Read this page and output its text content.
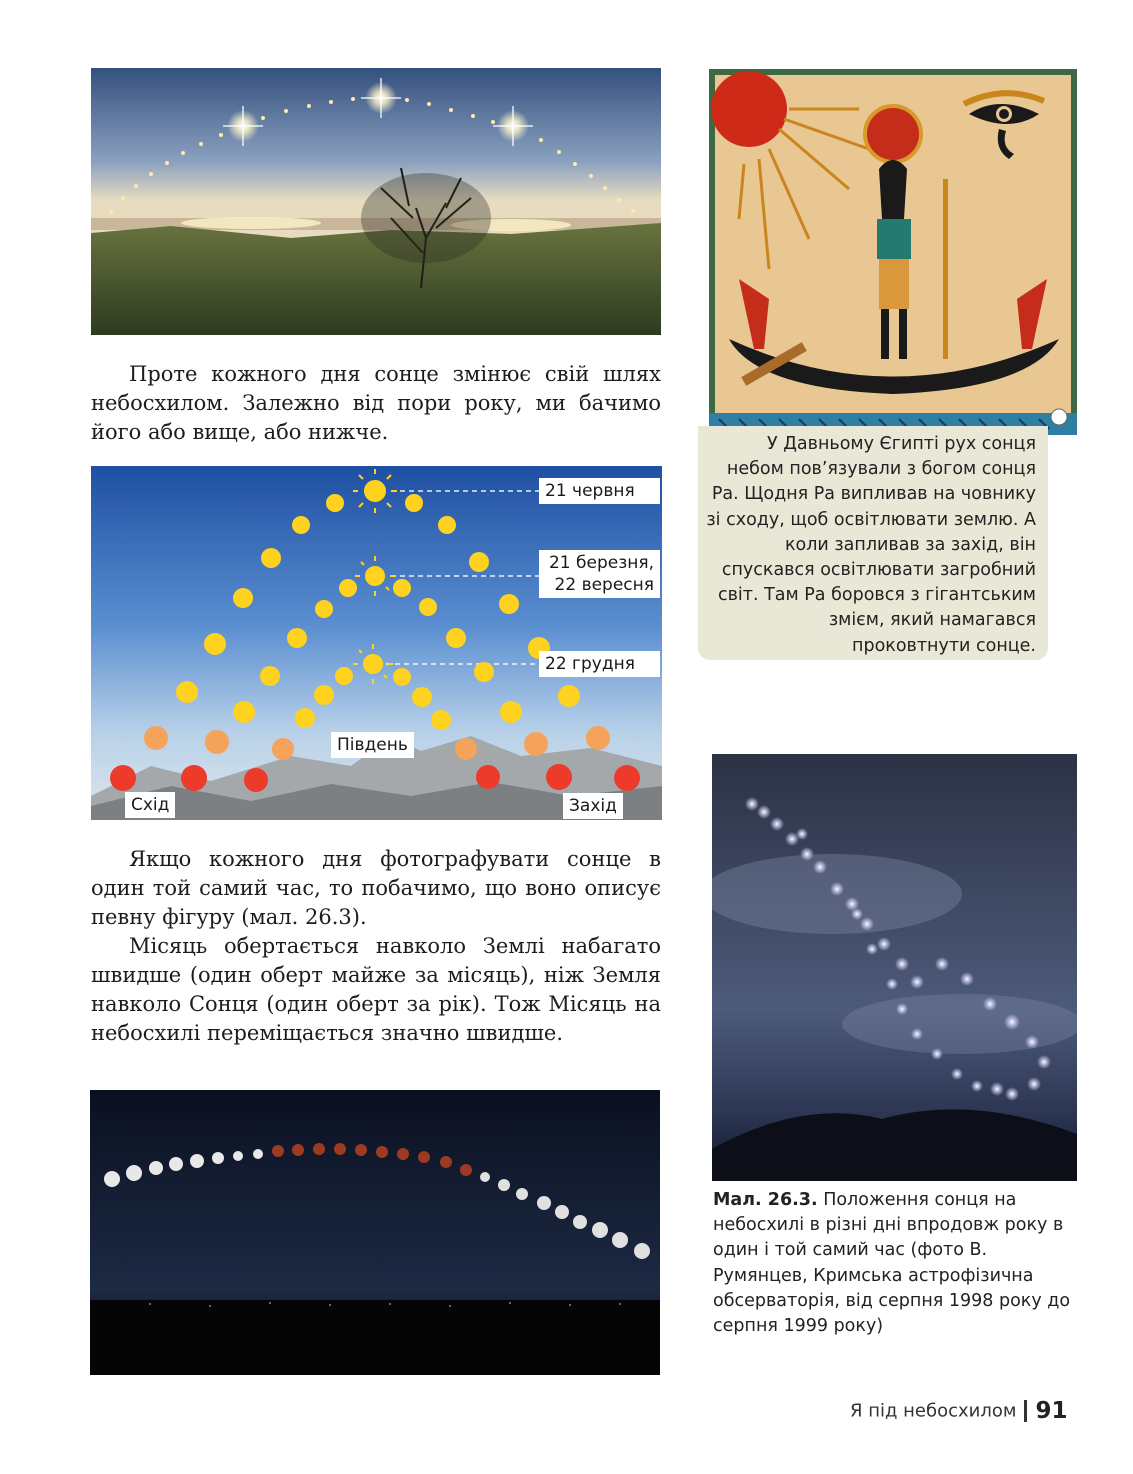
Проте кожного дня сонце змінює свій шлях небосхилом. Залежно від пори року, ми бачимо його або вище, або нижче.
21 червня
21 березня,
22 вересня
22 грудня
Південь
Схід	Захід
Якщо кожного дня фотографувати сонце в один той самий час, то побачимо, що воно описує певну фігуру (мал. 26.3).
Місяць обертається навколо Землі набагато швидше (один оберт майже за місяць), ніж Земля навколо Сонця (один оберт за рік). Тож Місяць на небосхилі переміщається значно швидше.
У Давньому Єгипті рух сонця небом пов’язували з богом сонця Ра. Щодня Ра випливав на човнику зі сходу, щоб освітлювати землю. А коли запливав за захід, він спускався освітлювати загробний світ. Там Ра боровся з гігантським змієм, який намагався проковтнути сонце.
Мал. 26.3. Положення сонця на небосхилі в різні дні впродовж року в один і той самий час (фото В. Румянцев, Кримська астрофізична обсерваторія, від серпня 1998 року до серпня 1999 року)
Я під небосхилом 91
